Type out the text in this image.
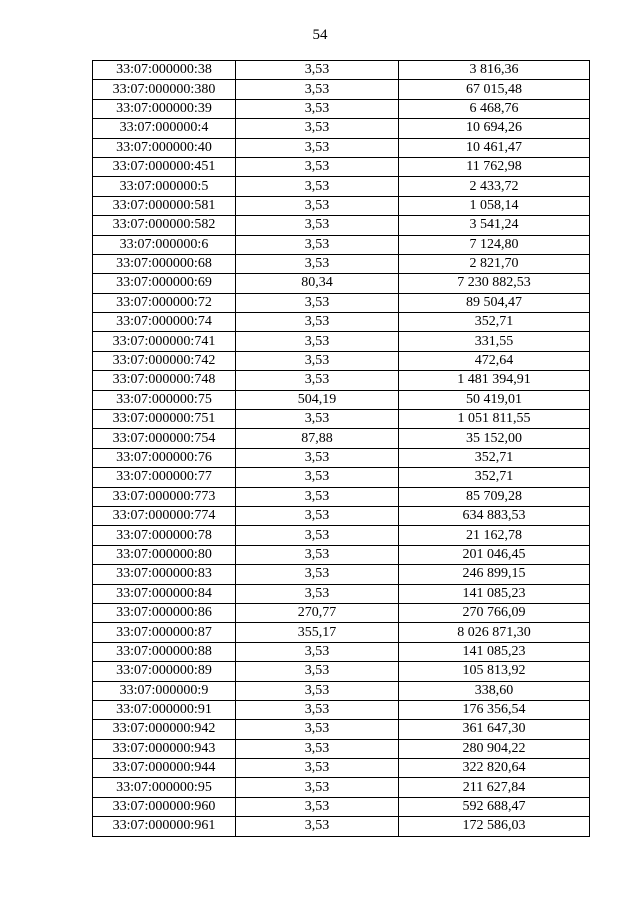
54
33:07:000000:38	3,53	3 816,36
33:07:000000:380	3,53	67 015,48
33:07:000000:39	3,53	6 468,76
33:07:000000:4	3,53	10 694,26
33:07:000000:40	3,53	10 461,47
33:07:000000:451	3,53	11 762,98
33:07:000000:5	3,53	2 433,72
33:07:000000:581	3,53	1 058,14
33:07:000000:582	3,53	3 541,24
33:07:000000:6	3,53	7 124,80
33:07:000000:68	3,53	2 821,70
33:07:000000:69	80,34	7 230 882,53
33:07:000000:72	3,53	89 504,47
33:07:000000:74	3,53	352,71
33:07:000000:741	3,53	331,55
33:07:000000:742	3,53	472,64
33:07:000000:748	3,53	1 481 394,91
33:07:000000:75	504,19	50 419,01
33:07:000000:751	3,53	1 051 811,55
33:07:000000:754	87,88	35 152,00
33:07:000000:76	3,53	352,71
33:07:000000:77	3,53	352,71
33:07:000000:773	3,53	85 709,28
33:07:000000:774	3,53	634 883,53
33:07:000000:78	3,53	21 162,78
33:07:000000:80	3,53	201 046,45
33:07:000000:83	3,53	246 899,15
33:07:000000:84	3,53	141 085,23
33:07:000000:86	270,77	270 766,09
33:07:000000:87	355,17	8 026 871,30
33:07:000000:88	3,53	141 085,23
33:07:000000:89	3,53	105 813,92
33:07:000000:9	3,53	338,60
33:07:000000:91	3,53	176 356,54
33:07:000000:942	3,53	361 647,30
33:07:000000:943	3,53	280 904,22
33:07:000000:944	3,53	322 820,64
33:07:000000:95	3,53	211 627,84
33:07:000000:960	3,53	592 688,47
33:07:000000:961	3,53	172 586,03
